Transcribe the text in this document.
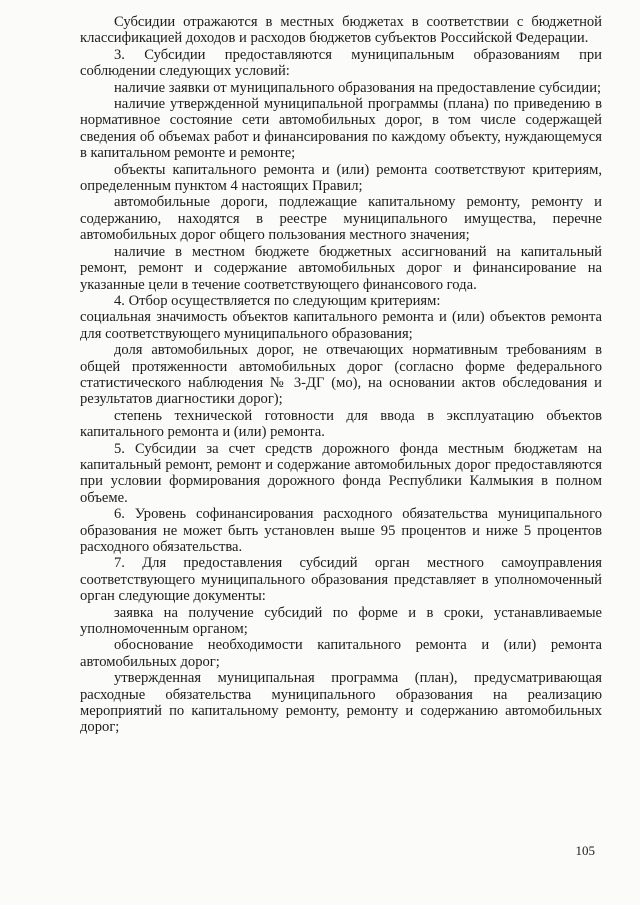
Субсидии отражаются в местных бюджетах в соответствии с бюджетной классификацией доходов и расходов бюджетов субъектов Российской Федерации.

3. Субсидии предоставляются муниципальным образованиям при соблюдении следующих условий:

наличие заявки от муниципального образования на предоставление субсидии;

наличие утвержденной муниципальной программы (плана) по приведению в нормативное состояние сети автомобильных дорог, в том числе содержащей сведения об объемах работ и финансирования по каждому объекту, нуждающемуся в капитальном ремонте и ремонте;

объекты капитального ремонта и (или) ремонта соответствуют критериям, определенным пунктом 4 настоящих Правил;

автомобильные дороги, подлежащие капитальному ремонту, ремонту и содержанию, находятся в реестре муниципального имущества, перечне автомобильных дорог общего пользования местного значения;

наличие в местном бюджете бюджетных ассигнований на капитальный ремонт, ремонт и содержание автомобильных дорог и финансирование на указанные цели в течение соответствующего финансового года.

4. Отбор осуществляется по следующим критериям:

социальная значимость объектов капитального ремонта и (или) объектов ремонта для соответствующего муниципального образования;

доля автомобильных дорог, не отвечающих нормативным требованиям в общей протяженности автомобильных дорог (согласно форме федерального статистического наблюдения № 3-ДГ (мо), на основании актов обследования и результатов диагностики дорог);

степень технической готовности для ввода в эксплуатацию объектов капитального ремонта и (или) ремонта.

5. Субсидии за счет средств дорожного фонда местным бюджетам на капитальный ремонт, ремонт и содержание автомобильных дорог предоставляются при условии формирования дорожного фонда Республики Калмыкия в полном объеме.

6. Уровень софинансирования расходного обязательства муниципального образования не может быть установлен выше 95 процентов и ниже 5 процентов расходного обязательства.

7. Для предоставления субсидий орган местного самоуправления соответствующего муниципального образования представляет в уполномоченный орган следующие документы:

заявка на получение субсидий по форме и в сроки, устанавливаемые уполномоченным органом;

обоснование необходимости капитального ремонта и (или) ремонта автомобильных дорог;

утвержденная муниципальная программа (план), предусматривающая расходные обязательства муниципального образования на реализацию мероприятий по капитальному ремонту, ремонту и содержанию автомобильных дорог;

105
